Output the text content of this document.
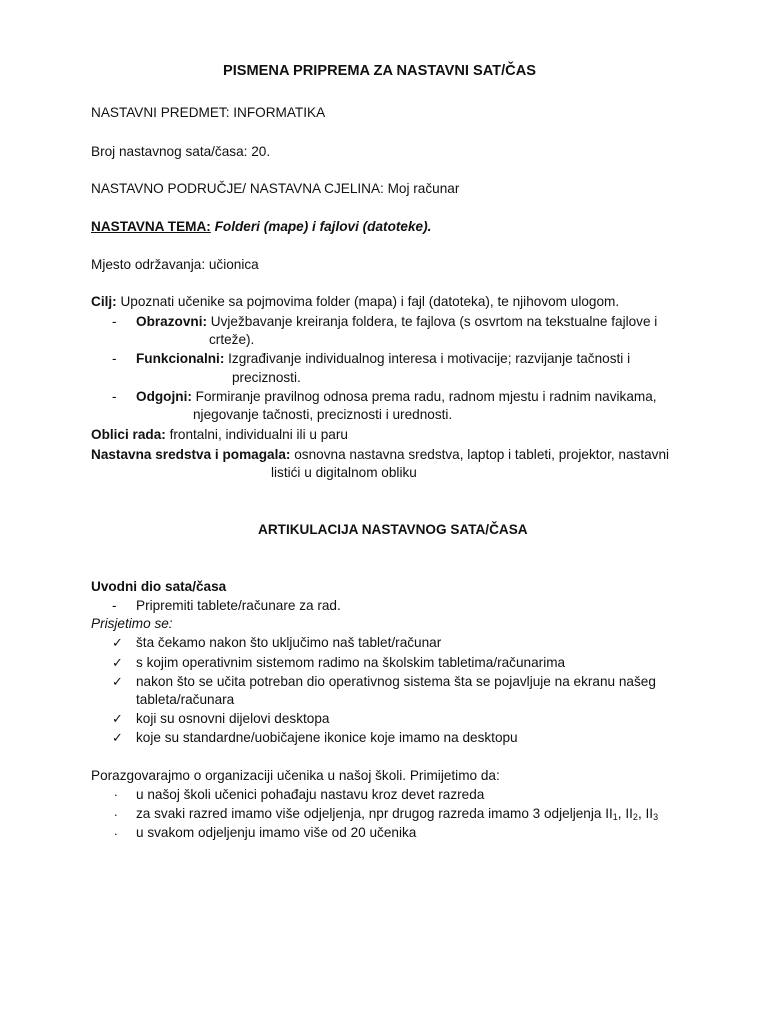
PISMENA PRIPREMA ZA NASTAVNI SAT/ČAS
NASTAVNI PREDMET: INFORMATIKA
Broj nastavnog sata/časa: 20.
NASTAVNO PODRUČJE/ NASTAVNA CJELINA: Moj računar
NASTAVNA TEMA: Folderi (mape) i fajlovi (datoteke).
Mjesto održavanja: učionica
Cilj: Upoznati učenike sa pojmovima folder (mapa) i fajl (datoteka), te njihovom ulogom.
- Obrazovni: Uvježbavanje kreiranja foldera, te fajlova (s osvrtom na tekstualne fajlove i
crteže).
- Funkcionalni: Izgrađivanje individualnog interesa i motivacije; razvijanje tačnosti i
preciznosti.
- Odgojni: Formiranje pravilnog odnosa prema radu, radnom mjestu i radnim navikama,
njegovanje tačnosti, preciznosti i urednosti.
Oblici rada: frontalni, individualni ili u paru
Nastavna sredstva i pomagala: osnovna nastavna sredstva, laptop i tableti, projektor, nastavni
listići u digitalnom obliku
ARTIKULACIJA NASTAVNOG SATA/ČASA
Uvodni dio sata/časa
- Pripremiti tablete/računare za rad.
Prisjetimo se:
✓ šta čekamo nakon što uključimo naš tablet/računar
✓ s kojim operativnim sistemom radimo na školskim tabletima/računarima
✓ nakon što se učita potreban dio operativnog sistema šta se pojavljuje na ekranu našeg
tableta/računara
✓ koji su osnovni dijelovi desktopa
✓ koje su standardne/uobičajene ikonice koje imamo na desktopu
Porazgovarajmo o organizaciji učenika u našoj školi. Primijetimo da:
. u našoj školi učenici pohađaju nastavu kroz devet razreda
. za svaki razred imamo više odjeljenja, npr drugog razreda imamo 3 odjeljenja $II_1$, $II_2$, $II_3$
. u svakom odjeljenju imamo više od 20 učenika
